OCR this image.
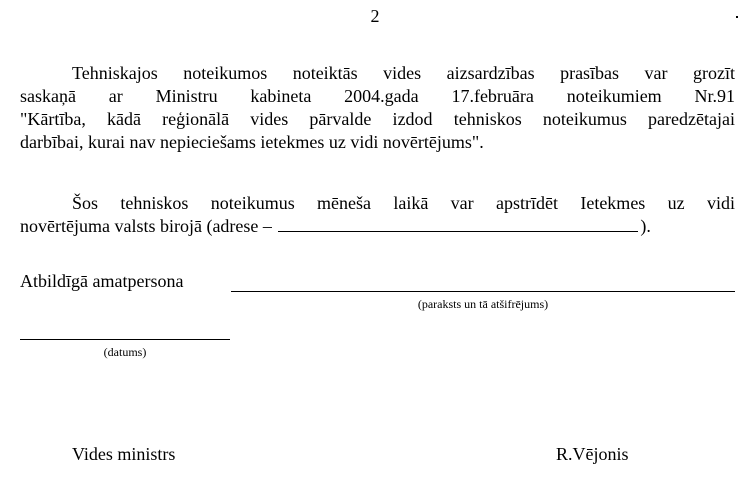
2
Tehniskajos noteikumos noteiktās vides aizsardzības prasības var grozīt
saskaņā ar Ministru kabineta 2004.gada 17.februāra noteikumiem Nr.91
"Kārtība, kādā reģionālā vides pārvalde izdod tehniskos noteikumus paredzētajai
darbībai, kurai nav nepieciešams ietekmes uz vidi novērtējums".
Šos tehniskos noteikumus mēneša laikā var apstrīdēt Ietekmes uz vidi
novērtējuma valsts birojā (adrese –	).
Atbildīgā amatpersona
(paraksts un tā atšifrējums)
(datums)
Vides ministrs	R.Vējonis
